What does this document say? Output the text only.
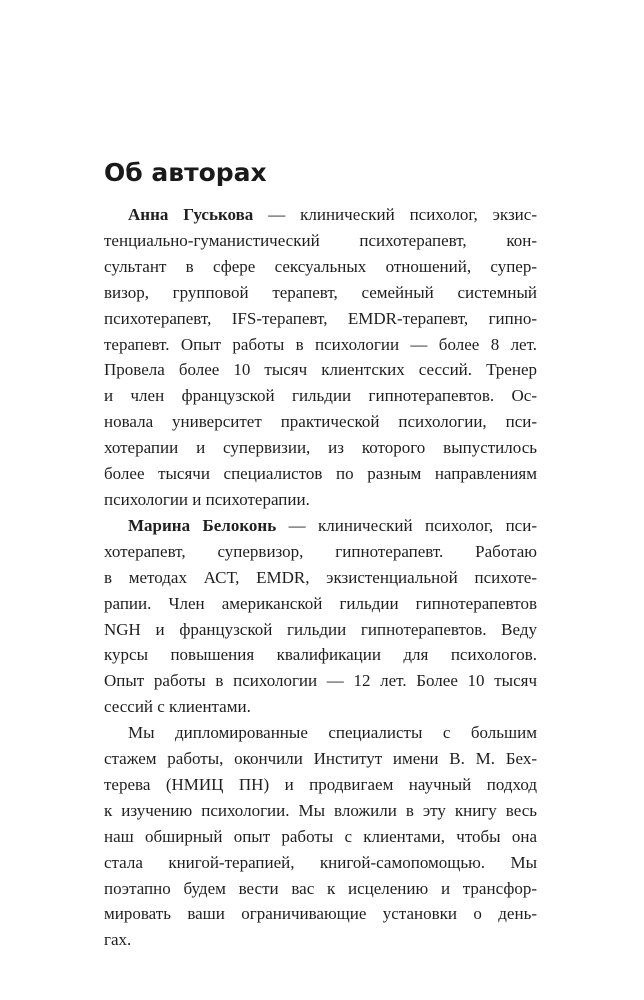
Об авторах
Анна Гуськова — клинический психолог, экзис-
тенциально-гуманистический психотерапевт, кон-
сультант в сфере сексуальных отношений, супер-
визор, групповой терапевт, семейный системный
психотерапевт, IFS-терапевт, EMDR-терапевт, гипно-
терапевт. Опыт работы в психологии — более 8 лет.
Провела более 10 тысяч клиентских сессий. Тренер
и член французской гильдии гипнотерапевтов. Ос-
новала университет практической психологии, пси-
хотерапии и супервизии, из которого выпустилось
более тысячи специалистов по разным направлениям
психологии и психотерапии.
Марина Белоконь — клинический психолог, пси-
хотерапевт, супервизор, гипнотерапевт. Работаю
в методах АСТ, EMDR, экзистенциальной психоте-
рапии. Член американской гильдии гипнотерапевтов
NGH и французской гильдии гипнотерапевтов. Веду
курсы повышения квалификации для психологов.
Опыт работы в психологии — 12 лет. Более 10 тысяч
сессий с клиентами.
Мы дипломированные специалисты с большим
стажем работы, окончили Институт имени В. М. Бех-
терева (НМИЦ ПН) и продвигаем научный подход
к изучению психологии. Мы вложили в эту книгу весь
наш обширный опыт работы с клиентами, чтобы она
стала книгой-терапией, книгой-самопомощью. Мы
поэтапно будем вести вас к исцелению и трансфор-
мировать ваши ограничивающие установки о день-
гах.
